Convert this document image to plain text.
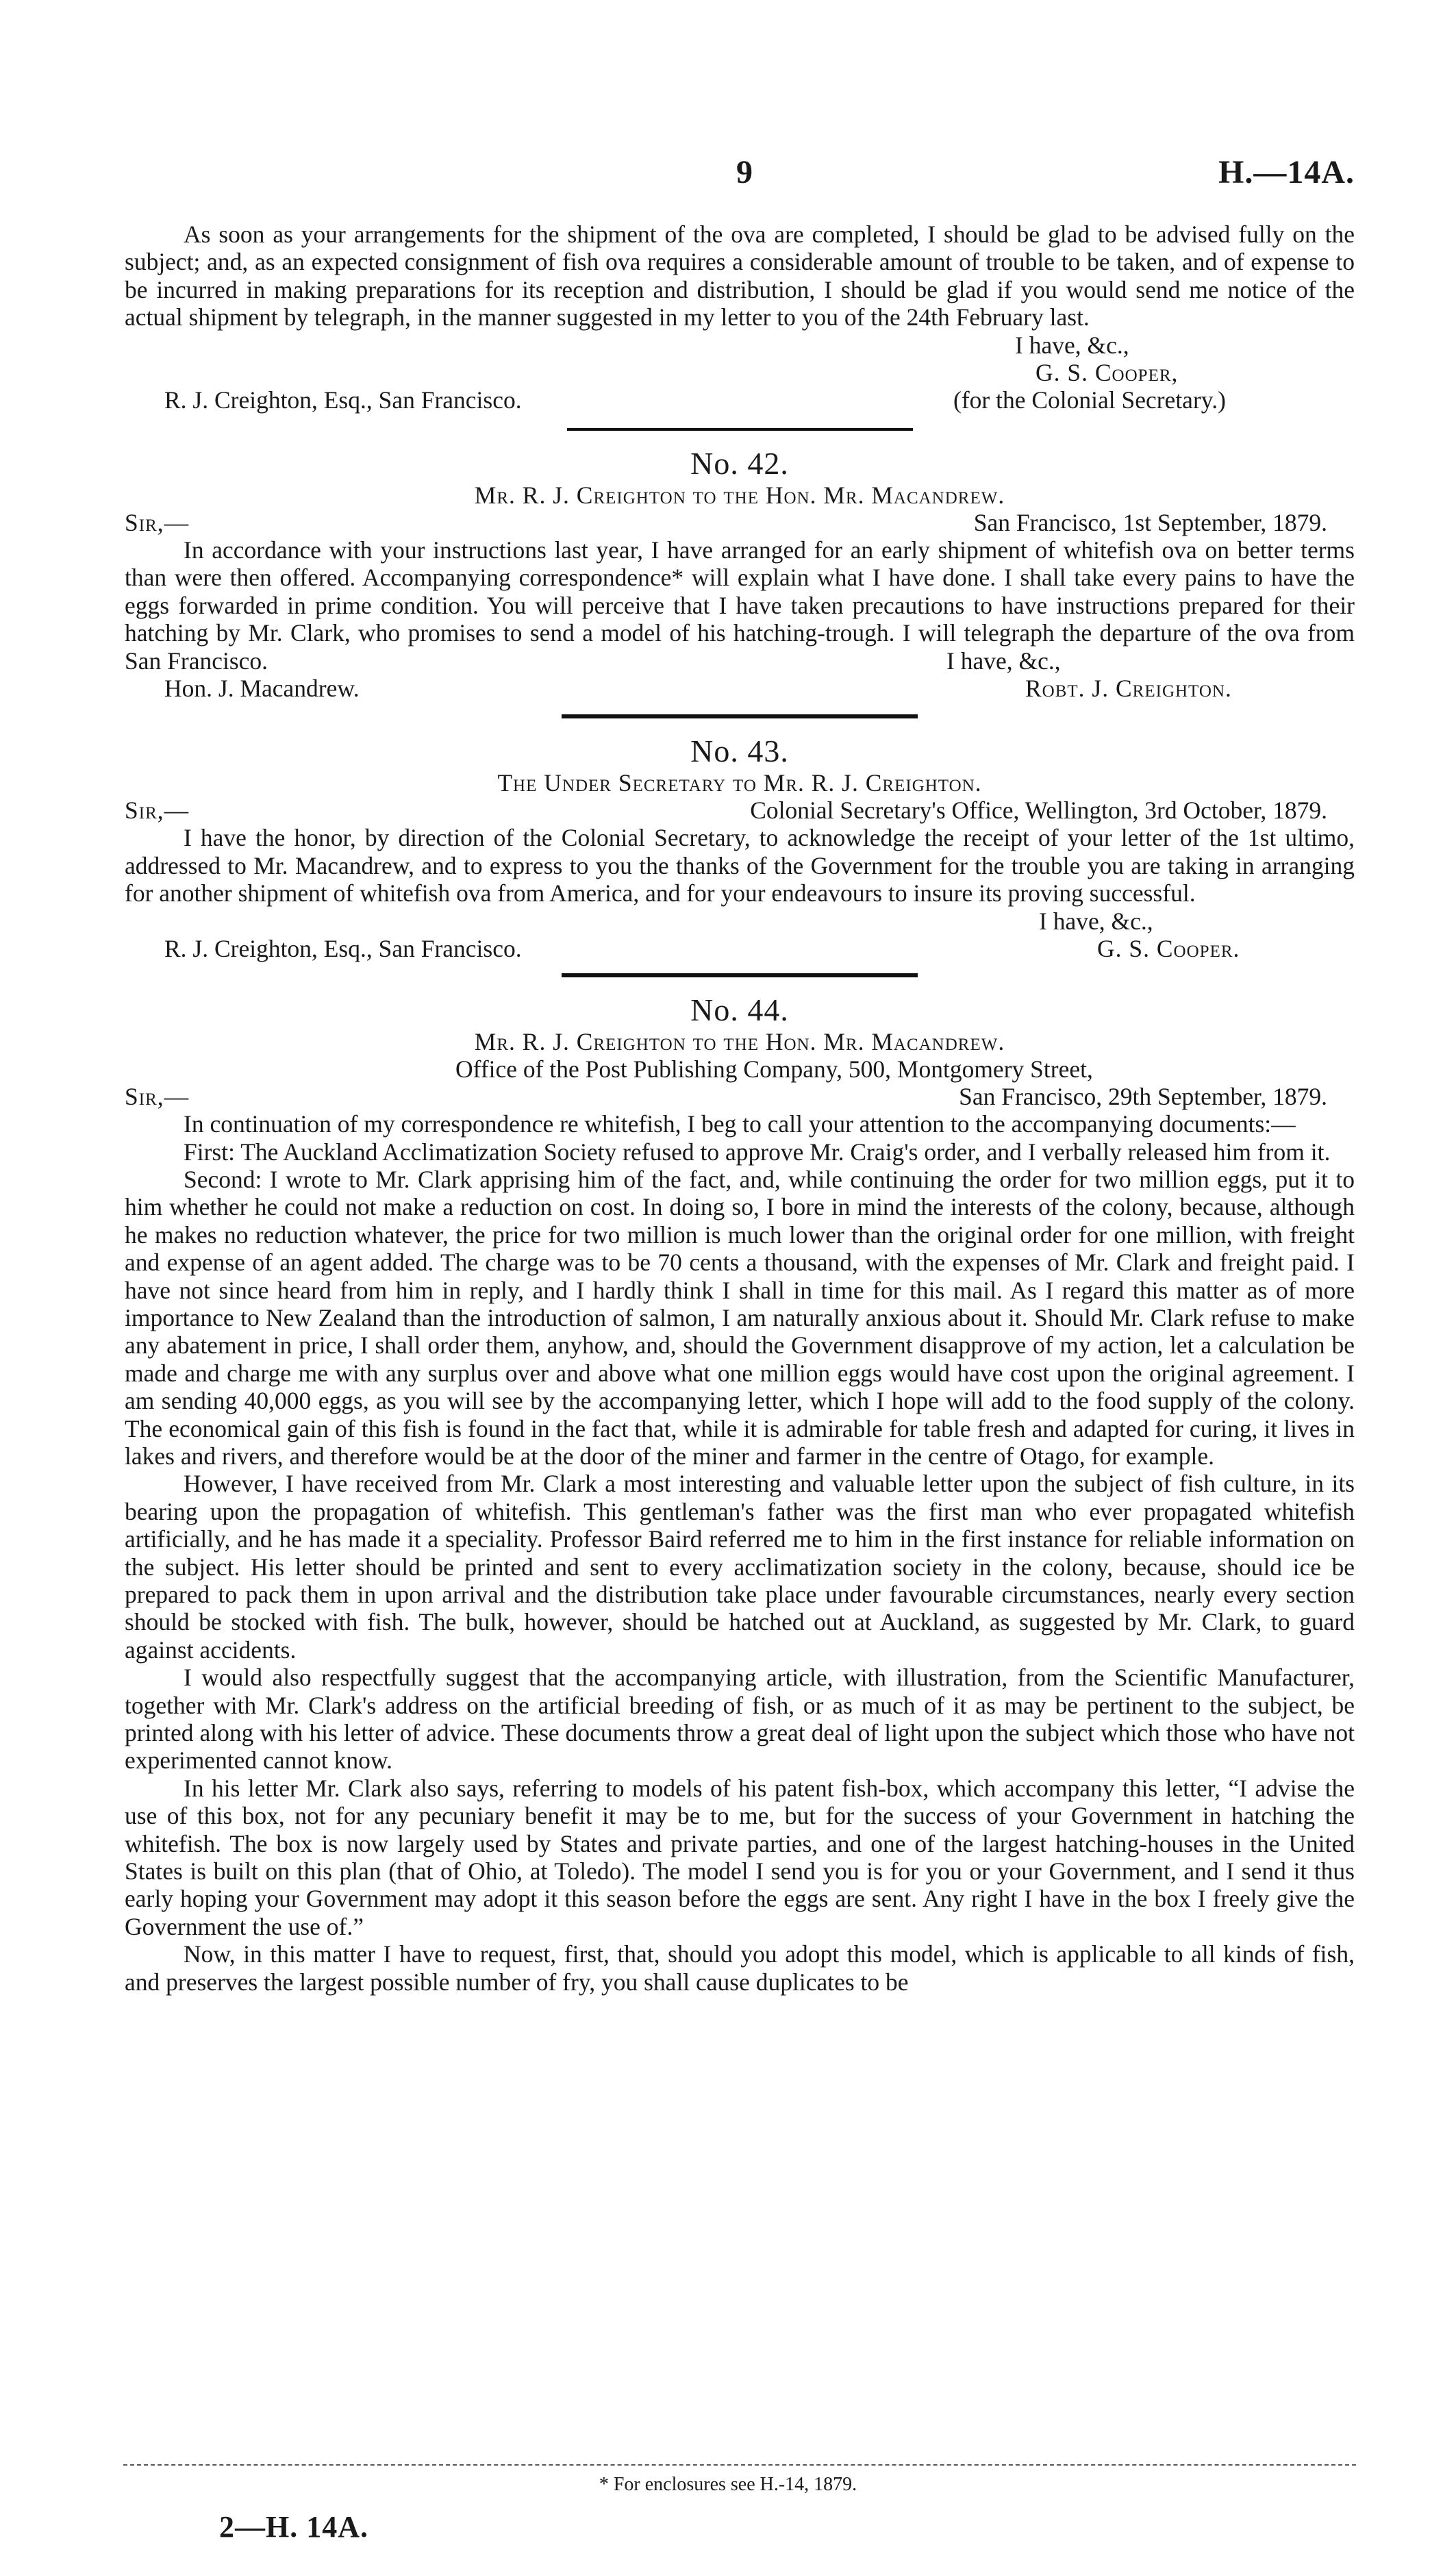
9	H.—14A.

As soon as your arrangements for the shipment of the ova are completed, I should be glad to be advised fully on the subject; and, as an expected consignment of fish ova requires a considerable amount of trouble to be taken, and of expense to be incurred in making preparations for its reception and distribution, I should be glad if you would send me notice of the actual shipment by telegraph, in the manner suggested in my letter to you of the 24th February last.

I have, &c.,
G. S. Cooper,
R. J. Creighton, Esq., San Francisco.	(for the Colonial Secretary.)
No. 42.
Mr. R. J. Creighton to the Hon. Mr. Macandrew.
Sir,—	San Francisco, 1st September, 1879.

In accordance with your instructions last year, I have arranged for an early shipment of whitefish ova on better terms than were then offered. Accompanying correspondence* will explain what I have done. I shall take every pains to have the eggs forwarded in prime condition. You will perceive that I have taken precautions to have instructions prepared for their hatching by Mr. Clark, who promises to send a model of his hatching-trough. I will telegraph the departure of the ova from San Francisco.	I have, &c.,
Hon. J. Macandrew.	Robt. J. Creighton.
No. 43.
The Under Secretary to Mr. R. J. Creighton.
Sir,—	Colonial Secretary's Office, Wellington, 3rd October, 1879.

I have the honor, by direction of the Colonial Secretary, to acknowledge the receipt of your letter of the 1st ultimo, addressed to Mr. Macandrew, and to express to you the thanks of the Government for the trouble you are taking in arranging for another shipment of whitefish ova from America, and for your endeavours to insure its proving successful.

I have, &c.,
R. J. Creighton, Esq., San Francisco.	G. S. Cooper.
No. 44.
Mr. R. J. Creighton to the Hon. Mr. Macandrew.
Office of the Post Publishing Company, 500, Montgomery Street,
Sir,—	San Francisco, 29th September, 1879.

In continuation of my correspondence re whitefish, I beg to call your attention to the accompanying documents:—

First: The Auckland Acclimatization Society refused to approve Mr. Craig's order, and I verbally released him from it.

Second: I wrote to Mr. Clark apprising him of the fact, and, while continuing the order for two million eggs, put it to him whether he could not make a reduction on cost. In doing so, I bore in mind the interests of the colony, because, although he makes no reduction whatever, the price for two million is much lower than the original order for one million, with freight and expense of an agent added. The charge was to be 70 cents a thousand, with the expenses of Mr. Clark and freight paid. I have not since heard from him in reply, and I hardly think I shall in time for this mail. As I regard this matter as of more importance to New Zealand than the introduction of salmon, I am naturally anxious about it. Should Mr. Clark refuse to make any abatement in price, I shall order them, anyhow, and, should the Government disapprove of my action, let a calculation be made and charge me with any surplus over and above what one million eggs would have cost upon the original agreement. I am sending 40,000 eggs, as you will see by the accompanying letter, which I hope will add to the food supply of the colony. The economical gain of this fish is found in the fact that, while it is admirable for table fresh and adapted for curing, it lives in lakes and rivers, and therefore would be at the door of the miner and farmer in the centre of Otago, for example.

However, I have received from Mr. Clark a most interesting and valuable letter upon the subject of fish culture, in its bearing upon the propagation of whitefish. This gentleman's father was the first man who ever propagated whitefish artificially, and he has made it a speciality. Professor Baird referred me to him in the first instance for reliable information on the subject. His letter should be printed and sent to every acclimatization society in the colony, because, should ice be prepared to pack them in upon arrival and the distribution take place under favourable circumstances, nearly every section should be stocked with fish. The bulk, however, should be hatched out at Auckland, as suggested by Mr. Clark, to guard against accidents.

I would also respectfully suggest that the accompanying article, with illustration, from the Scientific Manufacturer, together with Mr. Clark's address on the artificial breeding of fish, or as much of it as may be pertinent to the subject, be printed along with his letter of advice. These documents throw a great deal of light upon the subject which those who have not experimented cannot know.

In his letter Mr. Clark also says, referring to models of his patent fish-box, which accompany this letter, “I advise the use of this box, not for any pecuniary benefit it may be to me, but for the success of your Government in hatching the whitefish. The box is now largely used by States and private parties, and one of the largest hatching-houses in the United States is built on this plan (that of Ohio, at Toledo). The model I send you is for you or your Government, and I send it thus early hoping your Government may adopt it this season before the eggs are sent. Any right I have in the box I freely give the Government the use of.”

Now, in this matter I have to request, first, that, should you adopt this model, which is applicable to all kinds of fish, and preserves the largest possible number of fry, you shall cause duplicates to be

* For enclosures see H.-14, 1879.
2—H. 14A.
